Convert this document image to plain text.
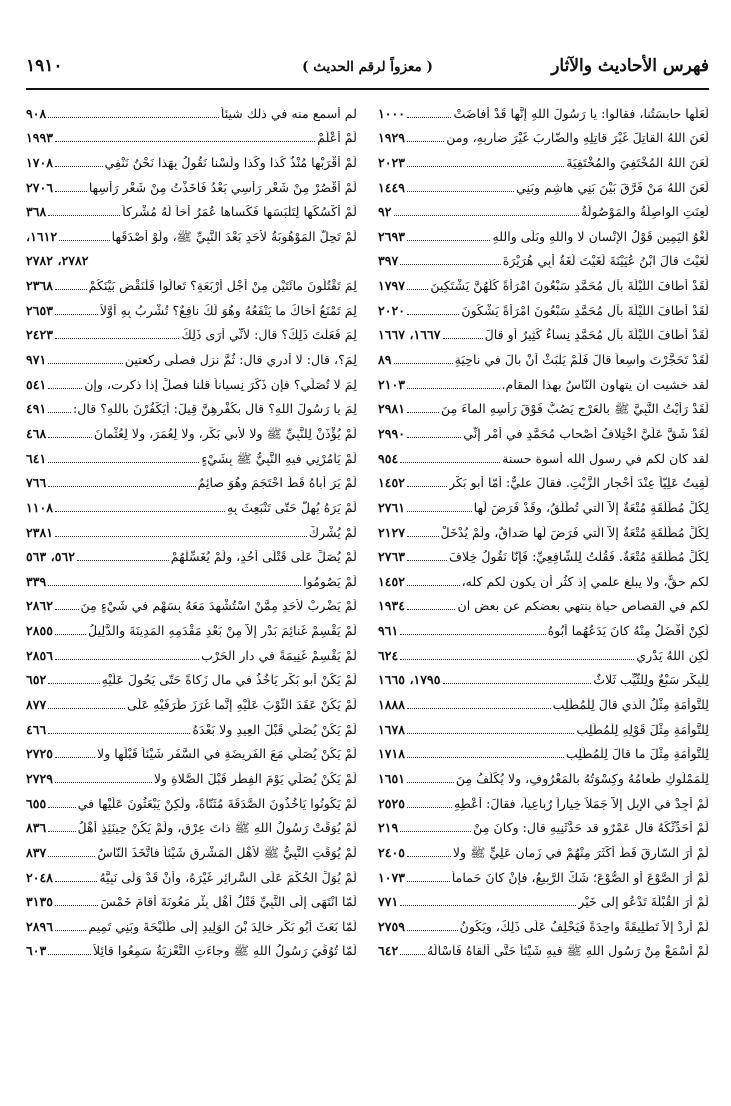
فهرس الأحاديث والآثار
( معزواً لرقم الحديث )
١٩١٠
لَعَلَّها حابسَتُنا، فقالوا: يا رَسُولَ اللهِ إنَّها قَدْ أفاضَتْ
١٠٠٠
لَعَنَ اللهُ القاتِلَ غَيْرَ قاتِلِهِ والضّارِبَ غَيْرَ ضارِبِهِ، ومن
١٩٢٩
لَعَنَ اللهُ المُخْتَفِيَ والمُخْتَفِيَةَ
٢٠٢٣
لَعَنَ اللهُ مَنْ فَرَّقَ بَيْنَ بَنِي هاشِمٍ وبَنِي
١٤٤٩
لُعِنَتِ الواصِلَةُ والمَوْصُولَةُ
٩٢
لَغْوُ اليَمِينِ قَوْلُ الإنْسانِ لا واللهِ وبَلَى واللهِ
٢٦٩٣
لَغَيْتَ قالَ ابْنُ عُيَيْنَةَ لَغَيْتَ لُغَةُ أَبِي هُرَيْرَةَ
٣٩٧
لَقَدْ أَطافَ اللَّيْلَةَ بآلِ مُحَمَّدٍ سَبْعُونَ امْرَأةً كُلُّهُنَّ يَشْتَكِينَ
١٧٩٧
لَقَدْ أَطافَ اللَّيْلَةَ بآلِ مُحَمَّدٍ سَبْعُونَ امْرَأةً يَشْكُونَ
٢٠٢٠
لَقَدْ أَطافَ اللَّيْلَةَ بآلِ مُحَمَّدٍ نِساءٌ كَثِيرٌ أو قالَ
١٦٦٧، ١٦٦٧
لَقَدْ تَحَجَّرْتَ واسِعاً قالَ فَلَمْ يَلْبَثْ أَنْ بالَ في ناحِيَةِ
٨٩
لقد خشيت ان يتهاون النّاسُ بهذا المقام.
٢١٠٣
لَقَدْ رَأَيْتُ النَّبِيَّ ﷺ بالعَرْجِ يَصُبُّ فَوْقَ رَأْسِهِ الماءَ مِنَ
٢٩٨١
لَقَدْ شَقَّ عَلَيَّ اخْتِلافُ أَصْحابِ مُحَمَّدٍ في أَمْرٍ إنِّي
٢٩٩٠
لقد كان لكم في رسول الله أسوة حسنة
٩٥٤
لَقِيتُ عَلِيّاً عِنْدَ أحْجارِ الزَّيْتِ. فقالَ عليٌّ: أمّا أبو بَكْرٍ
١٤٥٢
لِكُلِّ مُطَلَّقَةٍ مُتْعَةٌ إلاَّ الَّتي تُطَلَّقُ، وقَدْ فَرَضَ لَها
٢٧٦١
لِكُلِّ مُطَلَّقَةٍ مُتْعَةٌ إلاَّ الَّتي فَرَضَ لَها صَداقٌ، ولَمْ يُدْخَلْ
٢١٢٧
لِكُلِّ مُطَلَّقَةٍ مُتْعَةٌ. فَقُلْتُ لِلشّافِعِيِّ: فَإنّا نَقُولُ خِلافَ
٢٧٦٣
لكم حقٌّ، ولا يبلغ علمي إذ كثُر أن يكون لكم كله،
١٤٥٢
لكم في القصاص حياة ينتهي بعضكم عن بعض ان
١٩٣٤
لَكِنْ أَفْضَلُ مِنْهُ كانَ يَدَعُهُما أَبُوهُ
٩٦١
لَكِنِ اللهُ يَدْرِي
٦٢٤
لِلْبِكْرِ سَبْعٌ ولِلثَّيِّبِ ثَلاثٌ
١٧٩٥، ١٦٦٥
لِلتَّوأمَةِ مِثْلُ الَّذي قالَ لِلْمُطَّلِبِ
١٨٨٨
لِلتَّوأمَةِ مِثْلَ قَوْلِهِ لِلْمُطَّلِبِ
١٦٧٨
لِلتَّوأمَةِ مِثْلَ ما قالَ لِلْمُطَّلِبِ
١٧١٨
لِلْمَمْلُوكِ طَعامُهُ وكِسْوَتُهُ بالمَعْرُوفِ، ولا يُكَلَّفُ مِنَ
١٦٥١
لَمْ أجِدْ في الإبِلِ إلاّ جَمَلاً خِياراً رُباعِياً، فقالَ: أعْطِهِ
٢٥٢٥
لَمْ أُحَدِّثْكَهُ قال عَمْرٌو قد حَدَّثَنِيهِ قال: وكانَ مِنْ
٢١٩
لَمْ أَرَ السّارِقَ قَطُّ أكْثَرَ مِنْهُمْ في زَمانِ عَلِيٍّ ﷺ ولا
٢٤٠٥
لَمْ أَرَ الصَّوْعَ أو الصُّوْعَ؛ شَكَّ الرَّبِيعُ، فإنْ كانَ حَماماً
١٠٧٣
لَمْ أَرَ القُبْلَةَ تَدْعُو إلى خَيْرٍ
٧٧١
لَمْ أُرِدْ إلاّ تَطْلِيقَةً واحِدَةً فَيَحْلِفُ عَلَى ذَلِكَ، ويَكُونُ
٢٧٥٩
لَمْ أَسْمَعْ مِنْ رَسُولِ اللهِ ﷺ فيهِ شَيْئاً حَتَّى أَلْقاهُ فَأَسْأَلَهُ
٦٤٢
لم أسمع منه في ذلك شيئاً
٩٠٨
لَمْ أَعْلَمْ
١٩٩٣
لَمْ أقْرَبْها مُنْذُ كَذا وكَذا ولَسْنا نَقُولُ بِهَذا نَحْنُ نَنْفِي
١٧٠٨
لَمْ أَقْصُرْ مِنْ شَعْرِ رَأْسِي بَعْدُ فَأَخَذْتُ مِنْ شَعْرِ رَأْسِها
٢٧٠٦
لَمْ أَكْسُكَها لِتَلْبَسَها فَكَساها عُمَرُ أَخاً لَهُ مُشْرِكاً
٣٦٨
لَمْ تَحِلَّ المَوْهُوبَةُ لأحَدٍ بَعْدَ النَّبِيِّ ﷺ، ولَوْ أَصْدَقَها
١٦١٢،
٢٧٨٢، ٢٧٨٢
لِمَ تَقْتُلُونَ مائَتَيْنِ مِنْ أَجْلِ أَرْبَعَةٍ؟ تَعالَوا فَلْنَقْضِ بَيْنَكُمْ
٢٣٦٨
لِمَ تَمْنَعُ أَخاكَ ما يَنْفَعُهُ وهُوَ لَكَ نافِعٌ؟ تُشْرِبُ بِهِ أوَّلاً
٢٦٥٣
لِمَ فَعَلْتَ ذَلِكَ؟ قال: لأنِّي أرَى ذَلِكَ
٢٤٢٣
لِمَ؟، قال: لا أدري قال: ثُمَّ نزل فصلّى ركعتين
٩٧١
لِمَ لا تُصَلِّي؟ فإن ذَكَرَ نِسياناً قلنا فصلِّ إذا ذكرت، وإن
٥٤١
لِمَ يا رَسُولَ اللهِ؟ قال بكُفْرِهِنَّ قِيلَ: أيَكْفُرْنَ باللهِ؟ قال:
٤٩١
لَمْ يُؤْذَنْ لِلنَّبِيِّ ﷺ ولا لأبي بَكْرٍ، ولا لِعُمَرَ، ولا لِعُثْمانَ
٤٦٨
لَمْ يَأْمُرْنِي فيهِ النَّبِيُّ ﷺ بِشَيْءٍ
٦٤١
لَمْ يَرَ أباهُ قَطُّ احْتَجَمَ وهُوَ صائِمٌ
٧٦٦
لَمْ يَرَهُ يُهِلُّ حَتّى تَنْبَعِثَ بِهِ
١١٠٨
لَمْ يُشْرِكْ
٢٣٨١
لَمْ يُصَلِّ عَلَى قَتْلَى أُحُدٍ، ولَمْ يُغَسِّلْهُمْ
٥٦٢، ٥٦٣
لَمْ يَصُومُوا
٣٣٩
لَمْ يَضْرِبْ لأحَدٍ مِمَّنْ اسْتُشْهِدَ مَعَهُ بِسَهْمٍ في شَيْءٍ مِنَ
٢٨٦٢
لَمْ يَقْسِمْ غَنائِمَ بَدْرٍ إلاّ مِنْ بَعْدِ مَقْدَمِهِ المَدِينَةَ والدَّلِيلُ
٢٨٥٥
لَمْ يَقْسِمْ غَنِيمَةً في دارِ الحَرْبِ
٢٨٥٦
لَمْ يَكُنْ أبو بَكْرٍ يَأْخُذُ في مالٍ زَكاةً حَتّى يَحُولَ عَلَيْهِ
٦٥٢
لَمْ يَكُنْ عَقَدَ الثَّوْبَ عَلَيْهِ إنَّما غَرَزَ طَرَفَيْهِ عَلَى
٨٧٧
لَمْ يَكُنْ يُصَلِّي قَبْلَ العِيدِ ولا بَعْدَهُ
٤٦٦
لَمْ يَكُنْ يُصَلِّي مَعَ الفَرِيضَةِ في السَّفَرِ شَيْئاً قَبْلَها ولا
٢٧٢٥
لَمْ يَكُنْ يُصَلِّي يَوْمَ الفِطْرِ قَبْلَ الصَّلاةِ ولا
٢٧٢٩
لَمْ يَكُونُوا يَأْخُذُونَ الصَّدَقَةَ مُثَنّاةً، ولَكِنْ يَبْعَثُونَ عَلَيْها في
٦٥٥
لَمْ يُوَقِّتْ رَسُولُ اللهِ ﷺ ذاتَ عِرْقٍ، ولَمْ يَكُنْ حِينَئِذٍ أَهْلُ
٨٣٦
لَمْ يُوَقِّتِ النَّبِيُّ ﷺ لأهْلِ المَشْرِقِ شَيْئاً فاتَّخَذَ النّاسُ
٨٣٧
لَمْ يُوَلِّ الحُكْمَ عَلَى السَّرائِرِ غَيْرَهُ، وأَنْ قَدْ وَلَّى نَبِيَّهُ
٢٠٤٨
لَمّا انْتَهَى إلَى النَّبِيِّ قَتْلُ أَهْلِ بِئْرِ مَعُونَةَ أقامَ خَمْسَ
٣١٣٥
لَمّا بَعَثَ أبُو بَكْرٍ خالِدَ بْنَ الوَلِيدِ إلَى طُلَيْحَةَ وبَنِي تَمِيمٍ
٢٨٩٦
لَمّا تُوُفِّيَ رَسُولُ اللهِ ﷺ وجاءَتِ التَّعْزِيَةُ سَمِعُوا قائِلاً
٦٠٣
